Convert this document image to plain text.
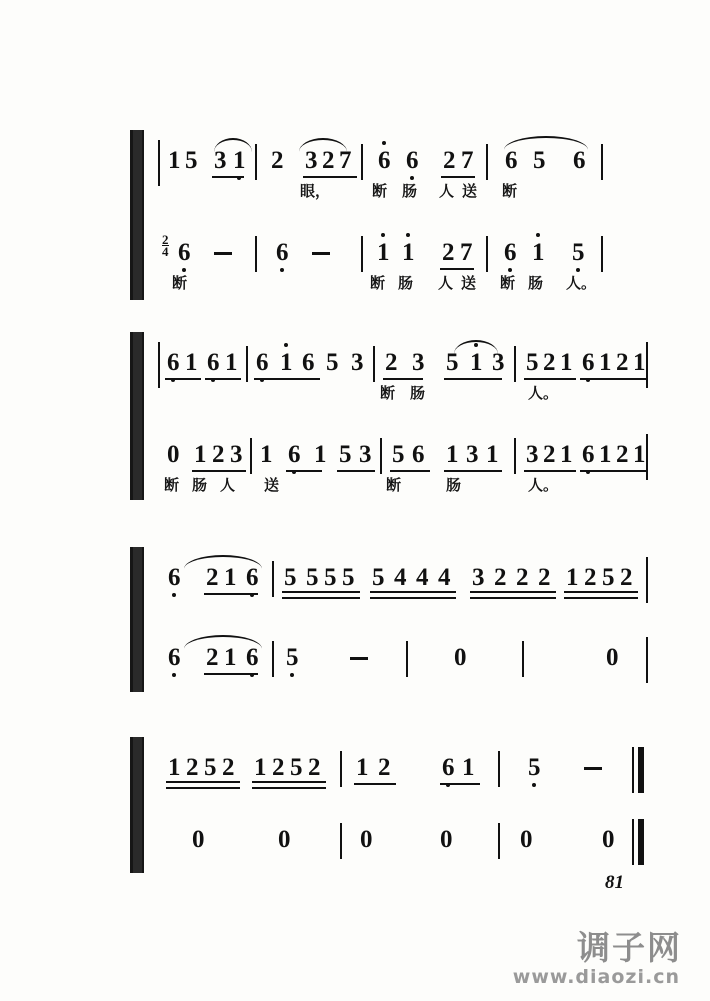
1 5 3 1 2 3 2 7
眼，
6 6 2 7
断 肠 人 送
6 5 6
断
$\frac{2}{4} 6$
断
6	1 1 2 7
断 肠 人 送
6 1 5
断 肠 人。
6 1 6 1 6 1 6 5 3 2 3 5 1 3
断 肠
5 2 1 6 1 2 1
人。
0 1 2 3
断 肠 人
1 6 1 5 3
送
5 6 1 3 1
断	肠
3 2 1 6 1 2 1
人。
6 2 1 6 5 5 5 5 5 4 4 4 3 2 2 2 1 2 5 2
6 2 1 6 5	0	0
1 2 5 2 1 2 5 2 1 2 6 1 5
0	0	0	0	0	0
81
调子网
www.diaozi.cn
